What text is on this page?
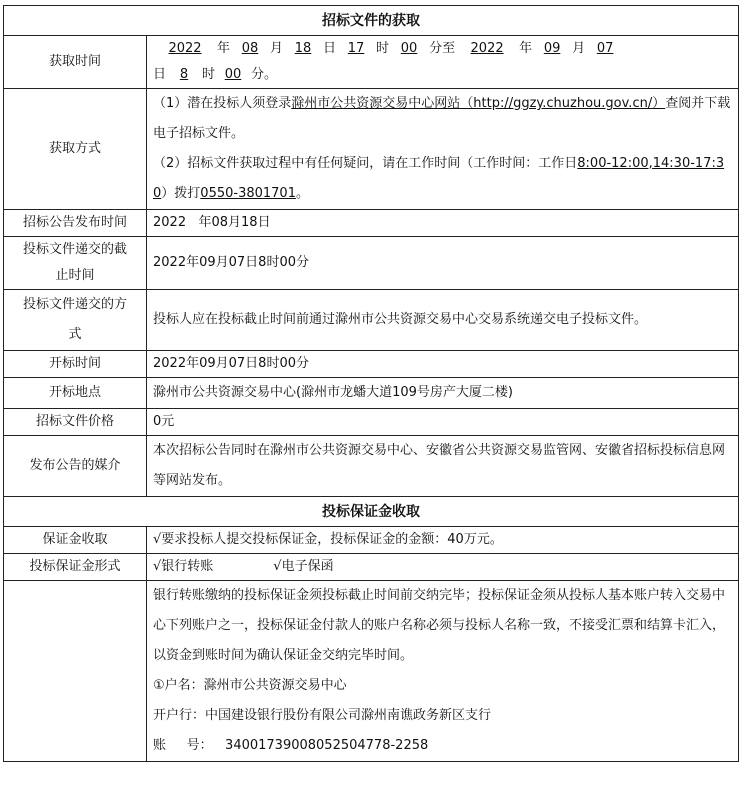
招标文件的获取	
获取时间	2022 年 08 月 18 日 17 时 00 分至 2022 年 09 月 07
日 8 时 00 分。

获取方式	（1）潜在投标人须登录滁州市公共资源交易中心网站（http://ggzy.chuzhou.gov.cn/）查阅并下载电子招标文件。
（2）招标文件获取过程中有任何疑问，请在工作时间（工作时间：工作日8:00-12:00,14:30-17:30）拨打0550-3801701。

招标公告发布时间	2022   年08月18日

投标文件递交的截
止时间	2022年09月07日8时00分

投标文件递交的方
式	投标人应在投标截止时间前通过滁州市公共资源交易中心交易系统递交电子投标文件。
开标时间	2022年09月07日8时00分
开标地点	滁州市公共资源交易中心(滁州市龙蟠大道109号房产大厦二楼)
招标文件价格	0元
发布公告的媒介	本次招标公告同时在滁州市公共资源交易中心、安徽省公共资源交易监管网、安徽省招标投标信息网等网站发布。
投标保证金收取	
保证金收取	√要求投标人提交投标保证金，投标保证金的金额：40万元。
投标保证金形式	√银行转账 √电子保函

	银行转账缴纳的投标保证金须投标截止时间前交纳完毕；投标保证金须从投标人基本账户转入交易中心下列账户之一，投标保证金付款人的账户名称必须与投标人名称一致，不接受汇票和结算卡汇入，以资金到账时间为确认保证金交纳完毕时间。
①户名：滁州市公共资源交易中心
开户行：中国建设银行股份有限公司滁州南谯政务新区支行
账     号：   34001739008052504778-2258
